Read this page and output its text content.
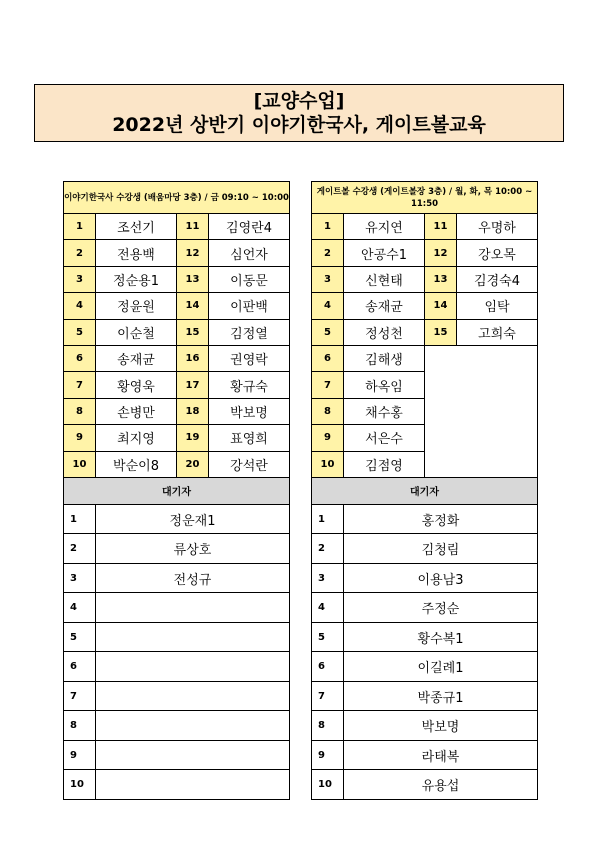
[교양수업]
2022년 상반기 이야기한국사, 게이트볼교육
이야기한국사 수강생 (배움마당 3층) / 금 09:10 ~ 10:00			
1	조선기	11	김영란4
2	전용백	12	심언자
3	정순용1	13	이동문
4	정윤원	14	이판백
5	이순철	15	김정열
6	송재균	16	권영락
7	황영욱	17	황규숙
8	손병만	18	박보명
9	최지영	19	표영희
10	박순이8	20	강석란
대기자			
1	정운재1		
2	류상호		
3	전성규		
4			
5			
6			
7			
8			
9			
10			
게이트볼 수강생 (게이트볼장 3층) / 월, 화, 목 10:00 ~ 11:50			
1	유지연	11	우명하
2	안공수1	12	강오목
3	신현태	13	김경숙4
4	송재균	14	임탁
5	정성천	15	고희숙
6	김해생		
7	하옥임		
8	채수홍		
9	서은수		
10	김점영		
대기자			
1	홍정화		
2	김청림		
3	이용남3		
4	주정순		
5	황수복1		
6	이길례1		
7	박종규1		
8	박보명		
9	라태복		
10	유용섭		
